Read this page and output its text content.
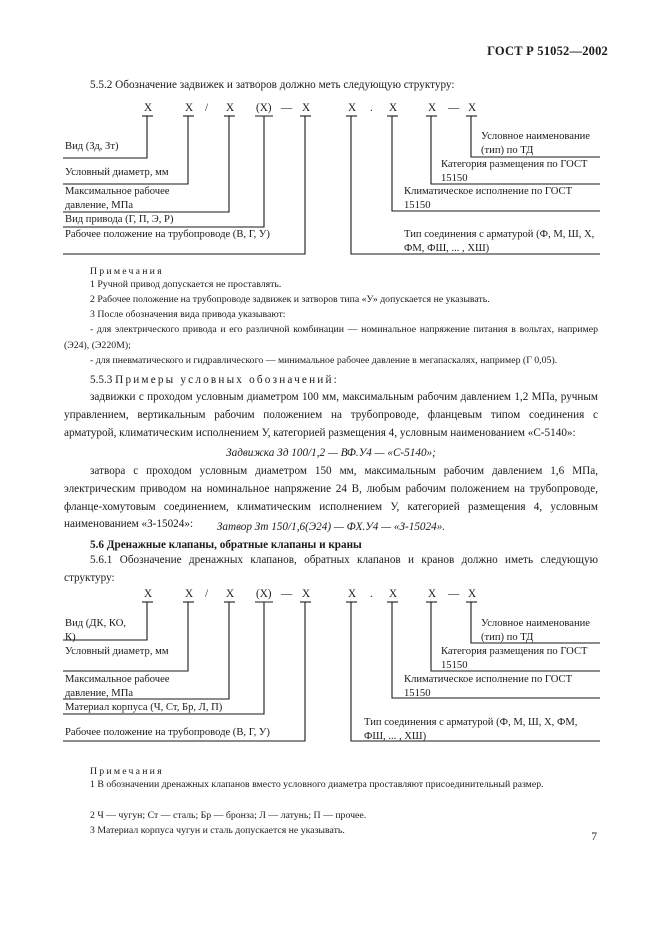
ГОСТ Р 51052—2002
5.5.2 Обозначение задвижек и затворов должно меть следующую структуру:
Х	Х / Х (Х) — Х	Х . Х	Х — Х
Вид (Зд, Зт)
Условный диаметр, мм
Максимальное рабочее давление, МПа
Вид привода (Г, П, Э, Р)
Рабочее положение на трубопроводе (В, Г, У)
Условное наименование (тип) по ТД
Категория размещения по ГОСТ 15150
Климатическое исполнение по ГОСТ 15150
Тип соединения с арматурой (Ф, М, Ш, Х, ФМ, ФШ, ... , ХШ)
Примечания
1 Ручной привод допускается не проставлять.
2 Рабочее положение на трубопроводе задвижек и затворов типа «У» допускается не указывать.
3 После обозначения вида привода указывают:
- для электрического привода и его различной комбинации — номинальное напряжение питания в вольтах, например (Э24), (Э220М);
- для пневматического и гидравлического — минимальное рабочее давление в мегапаскалях, например (Г 0,05).
5.5.3 Примеры условных обозначений:
задвижки с проходом условным диаметром 100 мм, максимальным рабочим давлением 1,2 МПа, ручным управлением, вертикальным рабочим положением на трубопроводе, фланцевым типом соединения с арматурой, климатическим исполнением У, категорией размещения 4, условным наименованием «С-5140»:
Задвижка Зд 100/1,2 — ВФ.У4 — «С-5140»;
затвора с проходом условным диаметром 150 мм, максимальным рабочим давлением 1,6 МПа, электрическим приводом на номинальное напряжение 24 В, любым рабочим положением на трубопроводе, фланце-хомутовым соединением, климатическим исполнением У, категорией размещения 4, условным наименованием «З-15024»:	Затвор Зт 150/1,6(Э24) — ФХ.У4 — «З-15024».
5.6 Дренажные клапаны, обратные клапаны и краны
5.6.1 Обозначение дренажных клапанов, обратных клапанов и кранов должно иметь следующую структуру:
Х	Х / Х (Х) — Х	Х . Х	Х — Х
Вид (ДК, КО, К)
Условный диаметр, мм
Максимальное рабочее давление, МПа
Материал корпуса (Ч, Ст, Бр, Л, П)
Рабочее положение на трубопроводе (В, Г, У)
Условное наименование (тип) по ТД
Категория размещения по ГОСТ 15150
Климатическое исполнение по ГОСТ 15150
Тип соединения с арматурой (Ф, М, Ш, Х, ФМ, ФШ, ... , ХШ)
Примечания
1 В обозначении дренажных клапанов вместо условного диаметра проставляют присоединительный размер.
2 Ч — чугун; Ст — сталь; Бр — бронза; Л — латунь; П — прочее.
3 Материал корпуса чугун и сталь допускается не указывать.
7
